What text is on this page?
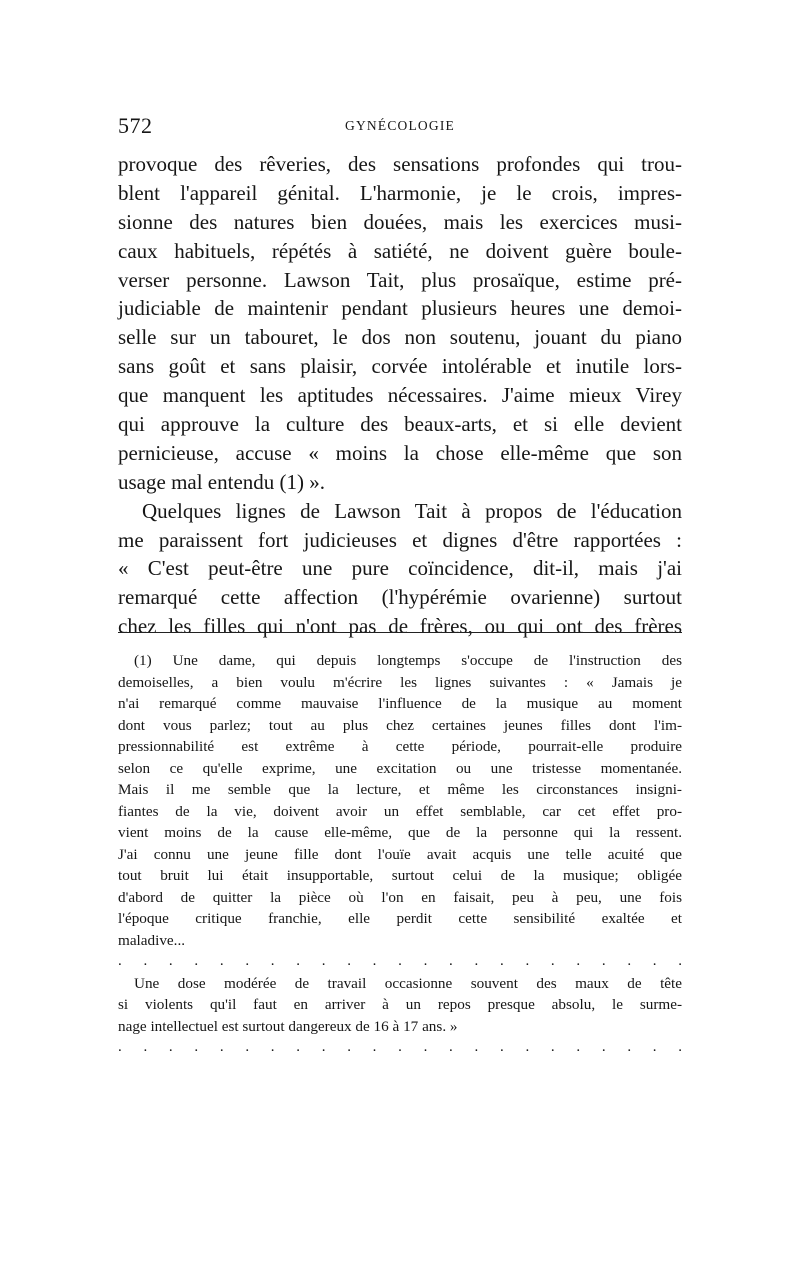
572	GYNÉCOLOGIE
provoque des rêveries, des sensations profondes qui trou-
blent l'appareil génital. L'harmonie, je le crois, impres-
sionne des natures bien douées, mais les exercices musi-
caux habituels, répétés à satiété, ne doivent guère boule-
verser personne. Lawson Tait, plus prosaïque, estime pré-
judiciable de maintenir pendant plusieurs heures une demoi-
selle sur un tabouret, le dos non soutenu, jouant du piano
sans goût et sans plaisir, corvée intolérable et inutile lors-
que manquent les aptitudes nécessaires. J'aime mieux Virey
qui approuve la culture des beaux-arts, et si elle devient
pernicieuse, accuse « moins la chose elle-même que son
usage mal entendu (1) ».
Quelques lignes de Lawson Tait à propos de l'éducation
me paraissent fort judicieuses et dignes d'être rapportées :
« C'est peut-être une pure coïncidence, dit-il, mais j'ai
remarqué cette affection (l'hypérémie ovarienne) surtout
chez les filles qui n'ont pas de frères, ou qui ont des frères
(1) Une dame, qui depuis longtemps s'occupe de l'instruction des
demoiselles, a bien voulu m'écrire les lignes suivantes : « Jamais je
n'ai remarqué comme mauvaise l'influence de la musique au moment
dont vous parlez; tout au plus chez certaines jeunes filles dont l'im-
pressionnabilité est extrême à cette période, pourrait-elle produire
selon ce qu'elle exprime, une excitation ou une tristesse momentanée.
Mais il me semble que la lecture, et même les circonstances insigni-
fiantes de la vie, doivent avoir un effet semblable, car cet effet pro-
vient moins de la cause elle-même, que de la personne qui la ressent.
J'ai connu une jeune fille dont l'ouïe avait acquis une telle acuité que
tout bruit lui était insupportable, surtout celui de la musique; obligée
d'abord de quitter la pièce où l'on en faisait, peu à peu, une fois
l'époque critique franchie, elle perdit cette sensibilité exaltée et
maladive...
. . . . . . . . . . . . . . . . . . . . . . .
Une dose modérée de travail occasionne souvent des maux de tête
si violents qu'il faut en arriver à un repos presque absolu, le surme-
nage intellectuel est surtout dangereux de 16 à 17 ans. »
. . . . . . . . . . . . . . . . . . . . . . .
